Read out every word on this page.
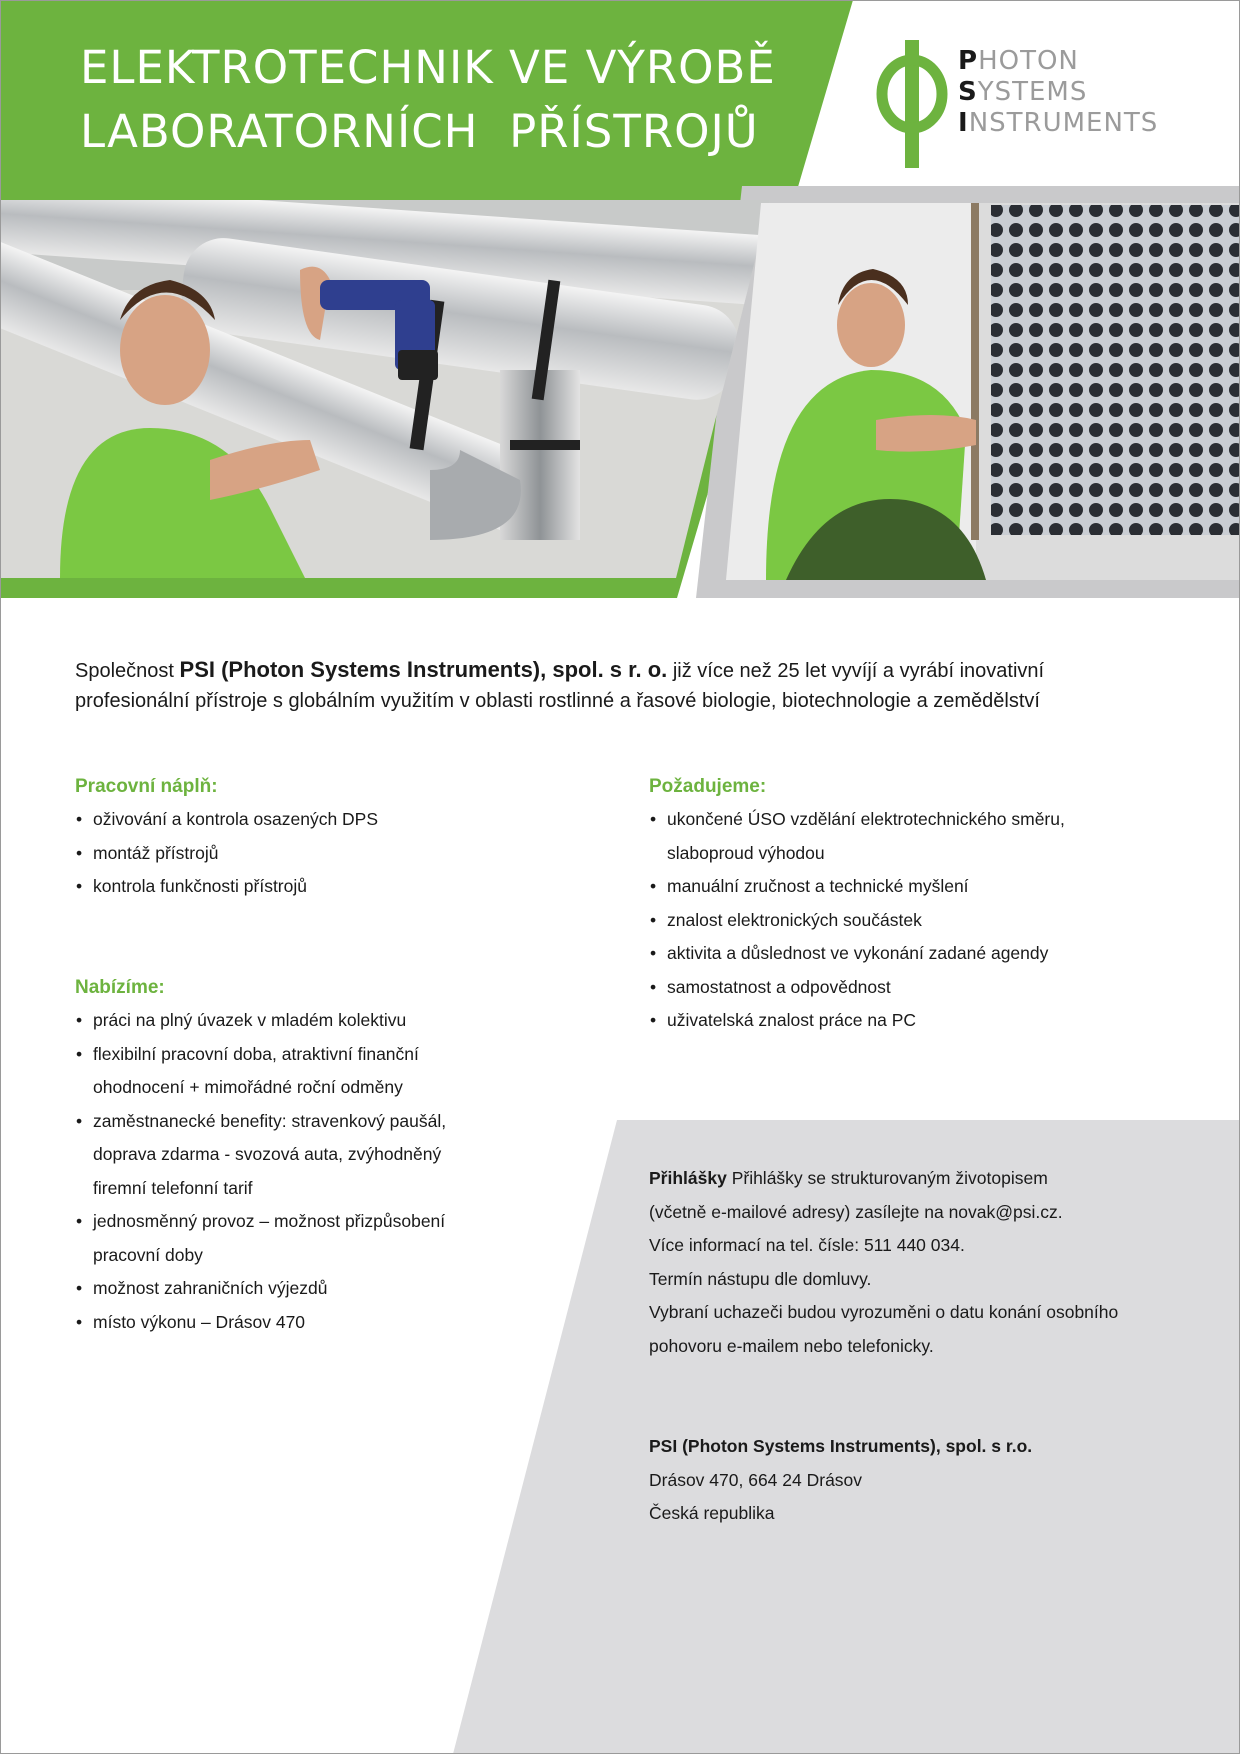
ELEKTROTECHNIK VE VÝROBĚ
LABORATORNÍCH  PŘÍSTROJŮ
PHOTON
SYSTEMS
INSTRUMENTS
Společnost PSI (Photon Systems Instruments), spol. s r. o. již více než 25 let vyvíjí a vyrábí inovativní
profesionální přístroje s globálním využitím v oblasti rostlinné a řasové biologie, biotechnologie a zemědělství
Pracovní náplň:
• oživování a kontrola osazených DPS
• montáž přístrojů
• kontrola funkčnosti přístrojů
Nabízíme:
• práci na plný úvazek v mladém kolektivu
• flexibilní pracovní doba, atraktivní finanční
ohodnocení + mimořádné roční odměny
• zaměstnanecké benefity: stravenkový paušál,
doprava zdarma - svozová auta, zvýhodněný
firemní telefonní tarif
• jednosměnný provoz – možnost přizpůsobení
pracovní doby
• možnost zahraničních výjezdů
• místo výkonu – Drásov 470
Požadujeme:
• ukončené ÚSO vzdělání elektrotechnického směru,
slaboproud výhodou
• manuální zručnost a technické myšlení
• znalost elektronických součástek
• aktivita a důslednost ve vykonání zadané agendy
• samostatnost a odpovědnost
• uživatelská znalost práce na PC

Přihlášky Přihlášky se strukturovaným životopisem

(včetně e-mailové adresy) zasílejte na novak@psi.cz.

Více informací na tel. čísle: 511 440 034.

Termín nástupu dle domluvy.

Vybraní uchazeči budou vyrozuměni o datu konání osobního

pohovoru e-mailem nebo telefonicky.

PSI (Photon Systems Instruments), spol. s r.o.

Drásov 470, 664 24 Drásov

Česká republika
